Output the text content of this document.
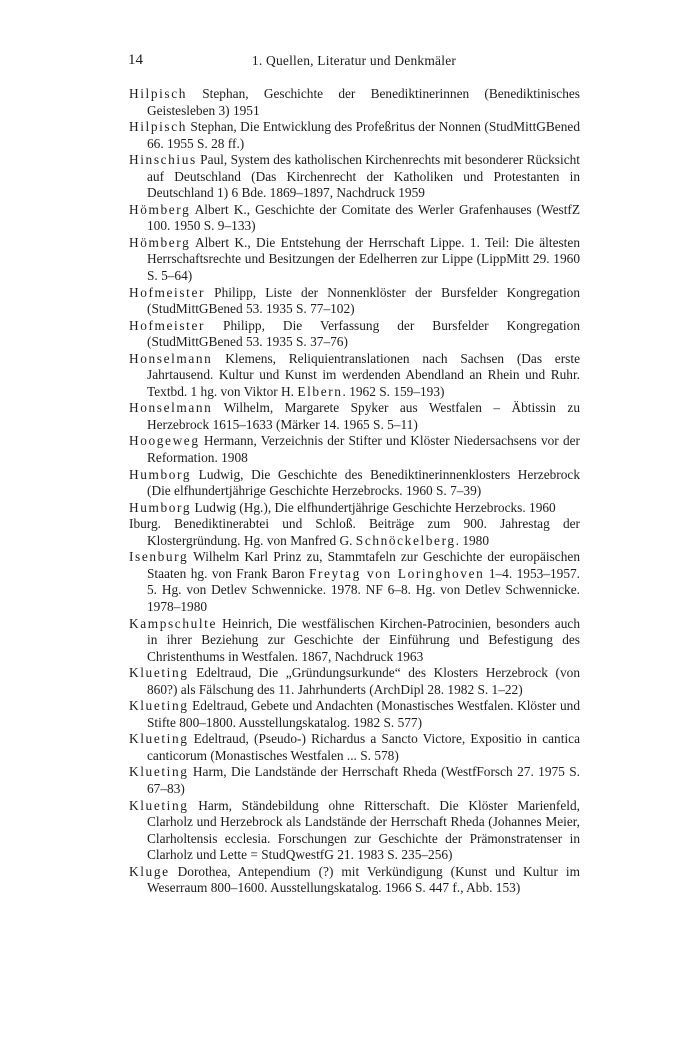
14	1. Quellen, Literatur und Denkmäler

Hilpisch Stephan, Geschichte der Benediktinerinnen (Benediktinisches Geistesleben 3) 1951

Hilpisch Stephan, Die Entwicklung des Profeßritus der Nonnen (StudMittGBened 66. 1955 S. 28 ff.)

Hinschius Paul, System des katholischen Kirchenrechts mit besonderer Rücksicht auf Deutschland (Das Kirchenrecht der Katholiken und Protestanten in Deutschland 1) 6 Bde. 1869–1897, Nachdruck 1959

Hömberg Albert K., Geschichte der Comitate des Werler Grafenhauses (WestfZ 100. 1950 S. 9–133)

Hömberg Albert K., Die Entstehung der Herrschaft Lippe. 1. Teil: Die ältesten Herrschaftsrechte und Besitzungen der Edelherren zur Lippe (LippMitt 29. 1960 S. 5–64)

Hofmeister Philipp, Liste der Nonnenklöster der Bursfelder Kongregation (StudMittGBened 53. 1935 S. 77–102)

Hofmeister Philipp, Die Verfassung der Bursfelder Kongregation (StudMittGBened 53. 1935 S. 37–76)

Honselmann Klemens, Reliquientranslationen nach Sachsen (Das erste Jahrtausend. Kultur und Kunst im werdenden Abendland an Rhein und Ruhr. Textbd. 1 hg. von Viktor H. Elbern. 1962 S. 159–193)

Honselmann Wilhelm, Margarete Spyker aus Westfalen – Äbtissin zu Herzebrock 1615–1633 (Märker 14. 1965 S. 5–11)

Hoogeweg Hermann, Verzeichnis der Stifter und Klöster Niedersachsens vor der Reformation. 1908

Humborg Ludwig, Die Geschichte des Benediktinerinnenklosters Herzebrock (Die elfhundertjährige Geschichte Herzebrocks. 1960 S. 7–39)

Humborg Ludwig (Hg.), Die elfhundertjährige Geschichte Herzebrocks. 1960

Iburg. Benediktinerabtei und Schloß. Beiträge zum 900. Jahrestag der Klostergründung. Hg. von Manfred G. Schnöckelberg. 1980

Isenburg Wilhelm Karl Prinz zu, Stammtafeln zur Geschichte der europäischen Staaten hg. von Frank Baron Freytag von Loringhoven 1–4. 1953–1957. 5. Hg. von Detlev Schwennicke. 1978. NF 6–8. Hg. von Detlev Schwennicke. 1978–1980

Kampschulte Heinrich, Die westfälischen Kirchen-Patrocinien, besonders auch in ihrer Beziehung zur Geschichte der Einführung und Befestigung des Christenthums in Westfalen. 1867, Nachdruck 1963

Klueting Edeltraud, Die „Gründungsurkunde“ des Klosters Herzebrock (von 860?) als Fälschung des 11. Jahrhunderts (ArchDipl 28. 1982 S. 1–22)

Klueting Edeltraud, Gebete und Andachten (Monastisches Westfalen. Klöster und Stifte 800–1800. Ausstellungskatalog. 1982 S. 577)

Klueting Edeltraud, (Pseudo-) Richardus a Sancto Victore, Expositio in cantica canticorum (Monastisches Westfalen ... S. 578)

Klueting Harm, Die Landstände der Herrschaft Rheda (WestfForsch 27. 1975 S. 67–83)

Klueting Harm, Ständebildung ohne Ritterschaft. Die Klöster Marienfeld, Clarholz und Herzebrock als Landstände der Herrschaft Rheda (Johannes Meier, Clarholtensis ecclesia. Forschungen zur Geschichte der Prämonstratenser in Clarholz und Lette = StudQwestfG 21. 1983 S. 235–256)

Kluge Dorothea, Antependium (?) mit Verkündigung (Kunst und Kultur im Weserraum 800–1600. Ausstellungskatalog. 1966 S. 447 f., Abb. 153)
